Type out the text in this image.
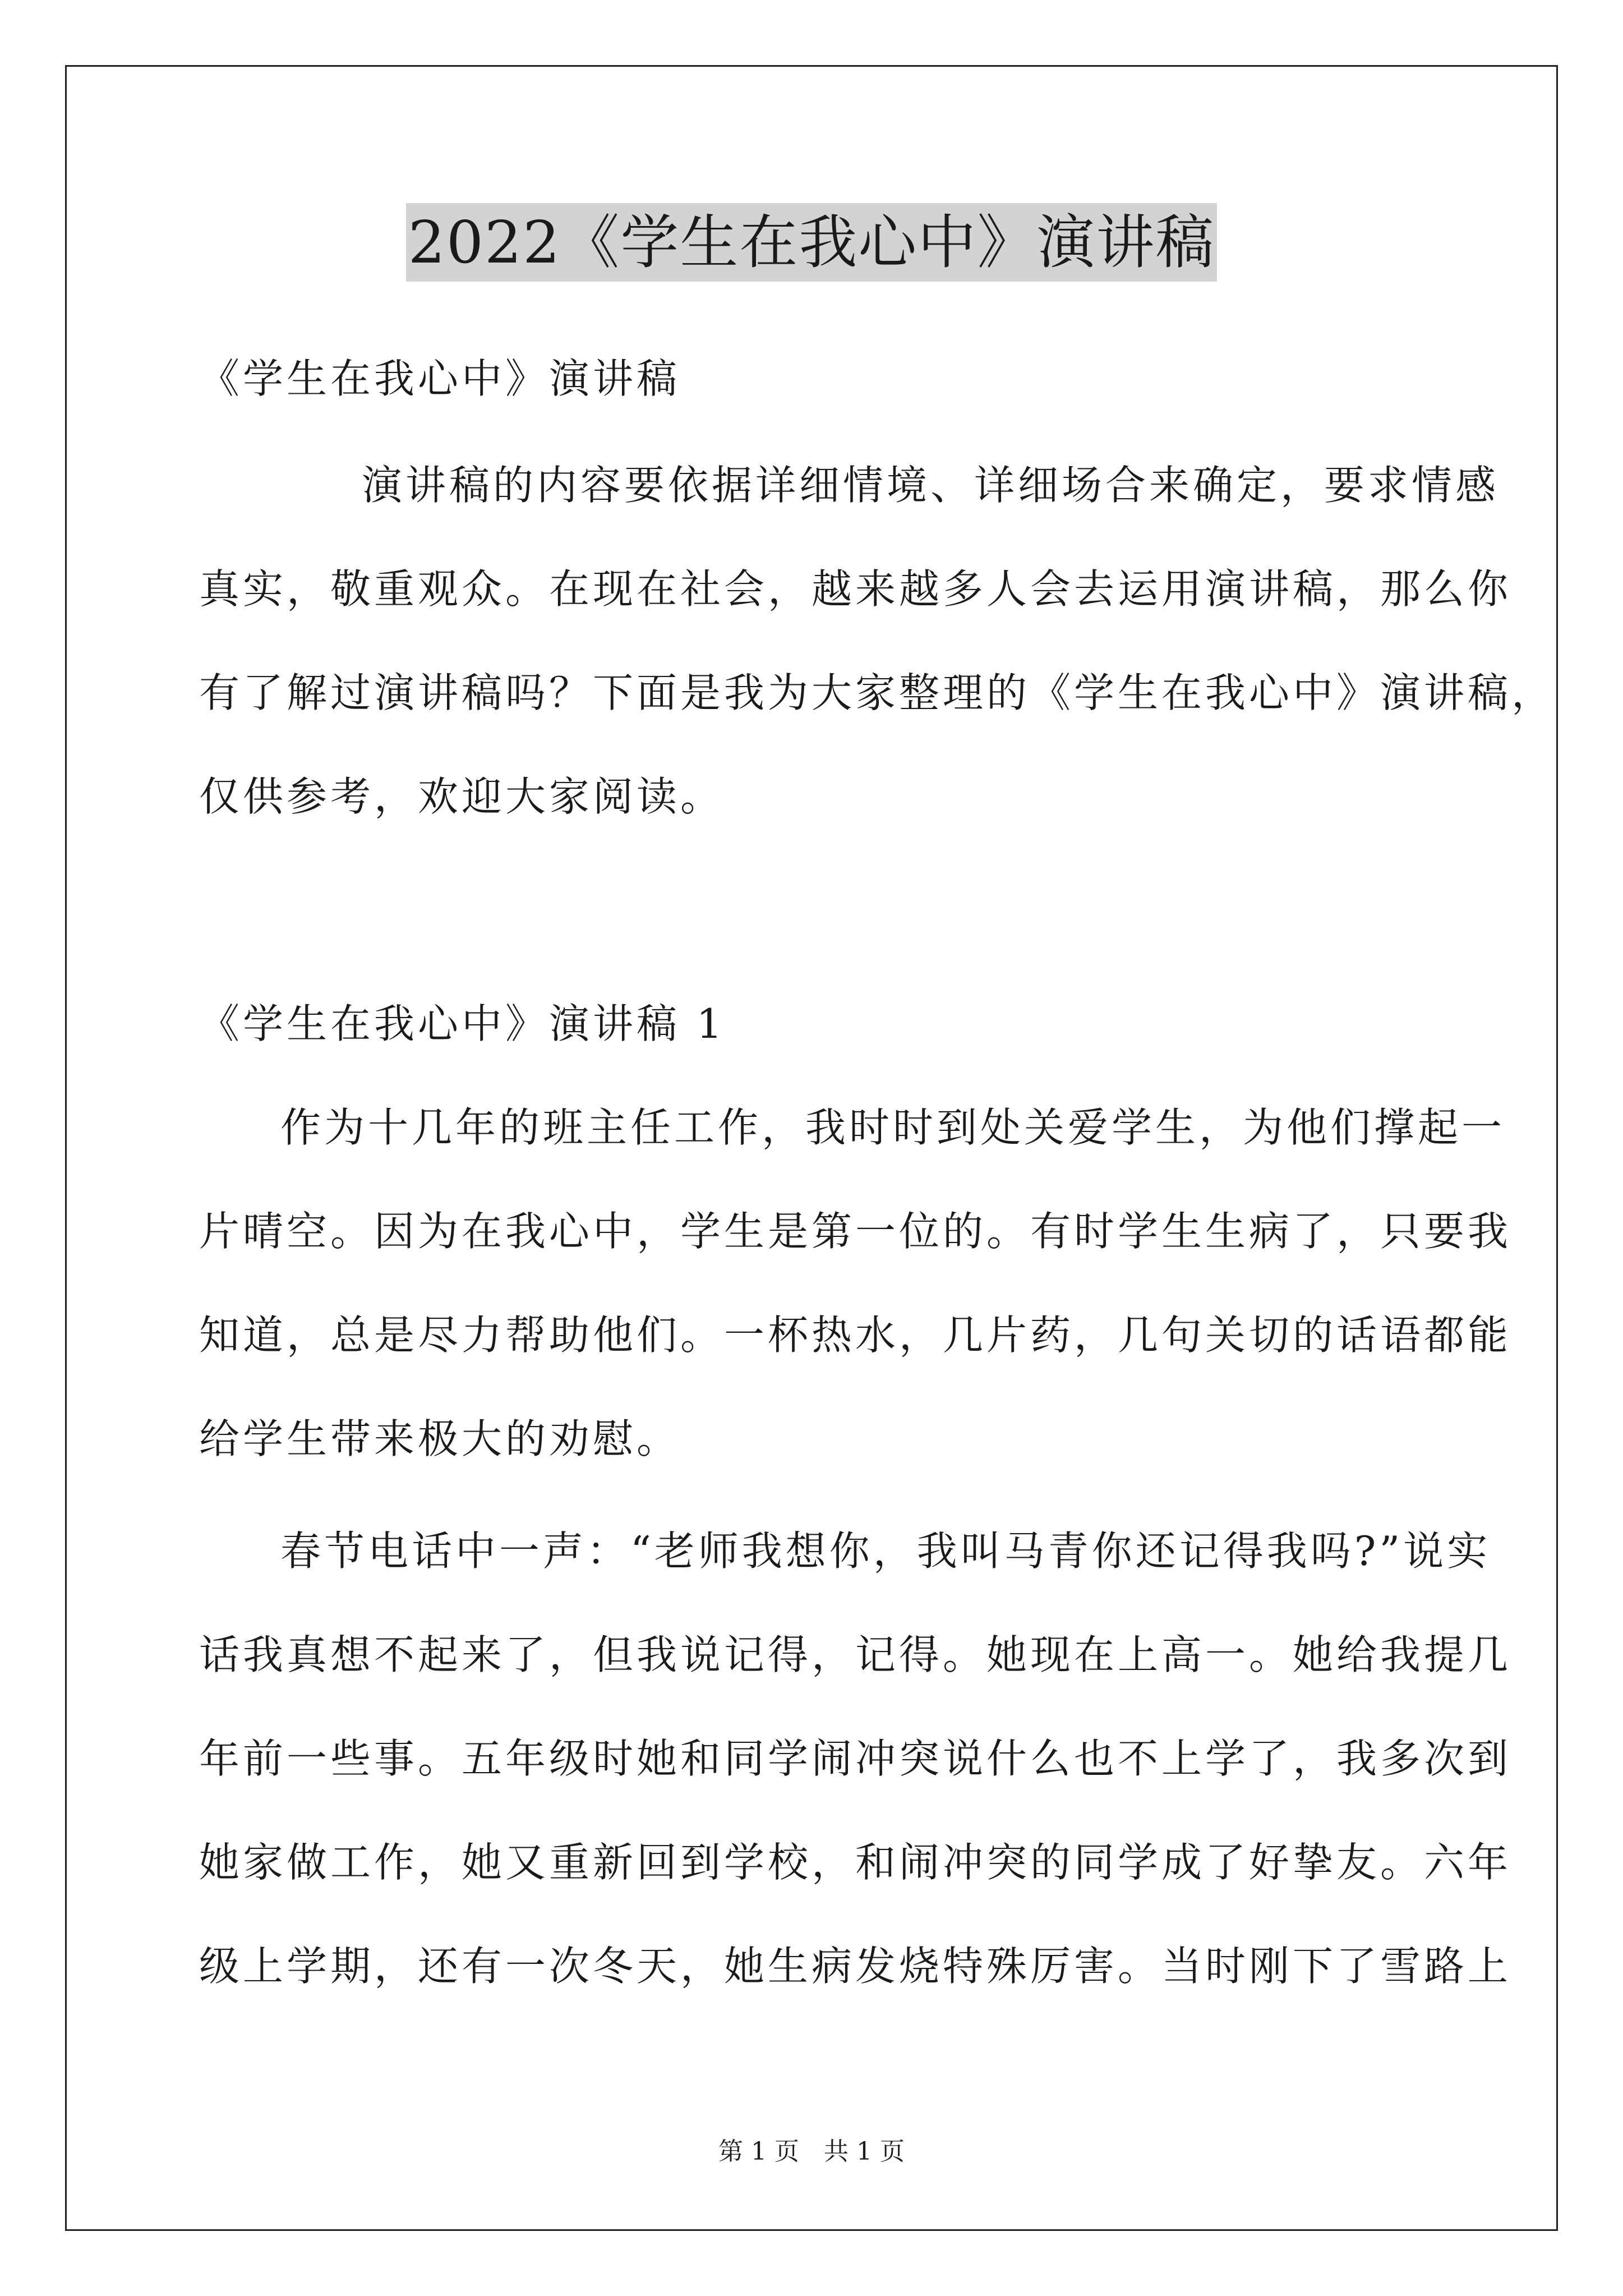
2022《学生在我心中》演讲稿
《学生在我心中》演讲稿
演讲稿的内容要依据详细情境、详细场合来确定，要求情感
真实，敬重观众。在现在社会，越来越多人会去运用演讲稿，那么你
有了解过演讲稿吗？下面是我为大家整理的《学生在我心中》演讲稿，
仅供参考，欢迎大家阅读。
《学生在我心中》演讲稿 1
作为十几年的班主任工作，我时时到处关爱学生，为他们撑起一
片晴空。因为在我心中，学生是第一位的。有时学生生病了，只要我
知道，总是尽力帮助他们。一杯热水，几片药，几句关切的话语都能
给学生带来极大的劝慰。
春节电话中一声：“老师我想你，我叫马青你还记得我吗?”说实
话我真想不起来了，但我说记得，记得。她现在上高一。她给我提几
年前一些事。五年级时她和同学闹冲突说什么也不上学了，我多次到
她家做工作，她又重新回到学校，和闹冲突的同学成了好挚友。六年
级上学期，还有一次冬天，她生病发烧特殊厉害。当时刚下了雪路上
第 1 页　共 1 页
